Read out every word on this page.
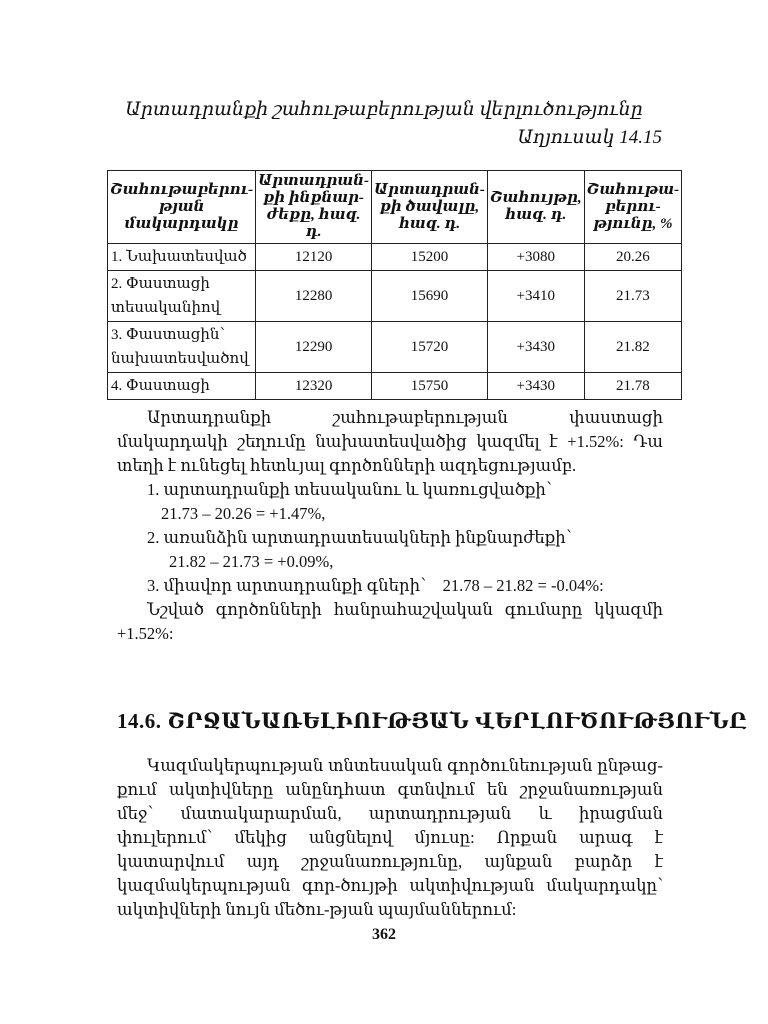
Արտադրանքի շահութաբերության վերլուծությունը
Աղյուսակ 14.15
Շահութաբերու-
թյան
մակարդակը	Արտադրան-
քի ինքնար-
ժեքը, հազ. դ.	Արտադրան-
քի ծավալը,
հազ. դ.	Շահույթը,
հազ. դ.	Շահութա-
բերու-
թյունը, %
1. Նախատեսված	12120	15200	+3080	20.26
2. Փաստացի
տեսականիով	12280	15690	+3410	21.73
3. Փաստացին՝
նախատեսվածով	12290	15720	+3430	21.82
4. Փաստացի	12320	15750	+3430	21.78

Արտադրանքի շահութաբերության փաստացի մակարդակի շեղումը նախատեսվածից կազմել է +1.52%: Դա տեղի է ունեցել հետևյալ գործոնների ազդեցությամբ.

1. արտադրանքի տեսականու և կառուցվածքի՝

21.73 – 20.26 = +1.47%,

2. առանձին արտադրատեսակների ինքնարժեքի՝

21.82 – 21.73 = +0.09%,

3. միավոր արտադրանքի գների՝    21.78 – 21.82 = -0.04%:

Նշված գործոնների հանրահաշվական գումարը կկազմի +1.52%:

14.6. ՇՐՋԱՆԱՌԵԼԻՈՒԹՅԱՆ ՎԵՐԼՈՒԾՈՒԹՅՈՒՆԸ

Կազմակերպության տնտեսական գործունեության ընթաց-քում ակտիվները անընդհատ գտնվում են շրջանառության մեջ՝ մատակարարման, արտադրության և իրացման փուլերում՝ մեկից անցնելով մյուսը: Որքան արագ է կատարվում այդ շրջանառությունը, այնքան բարձր է կազմակերպության գոր-ծույթի ակտիվության մակարդակը՝ ակտիվների նույն մեծու-թյան պայմաններում:

362
